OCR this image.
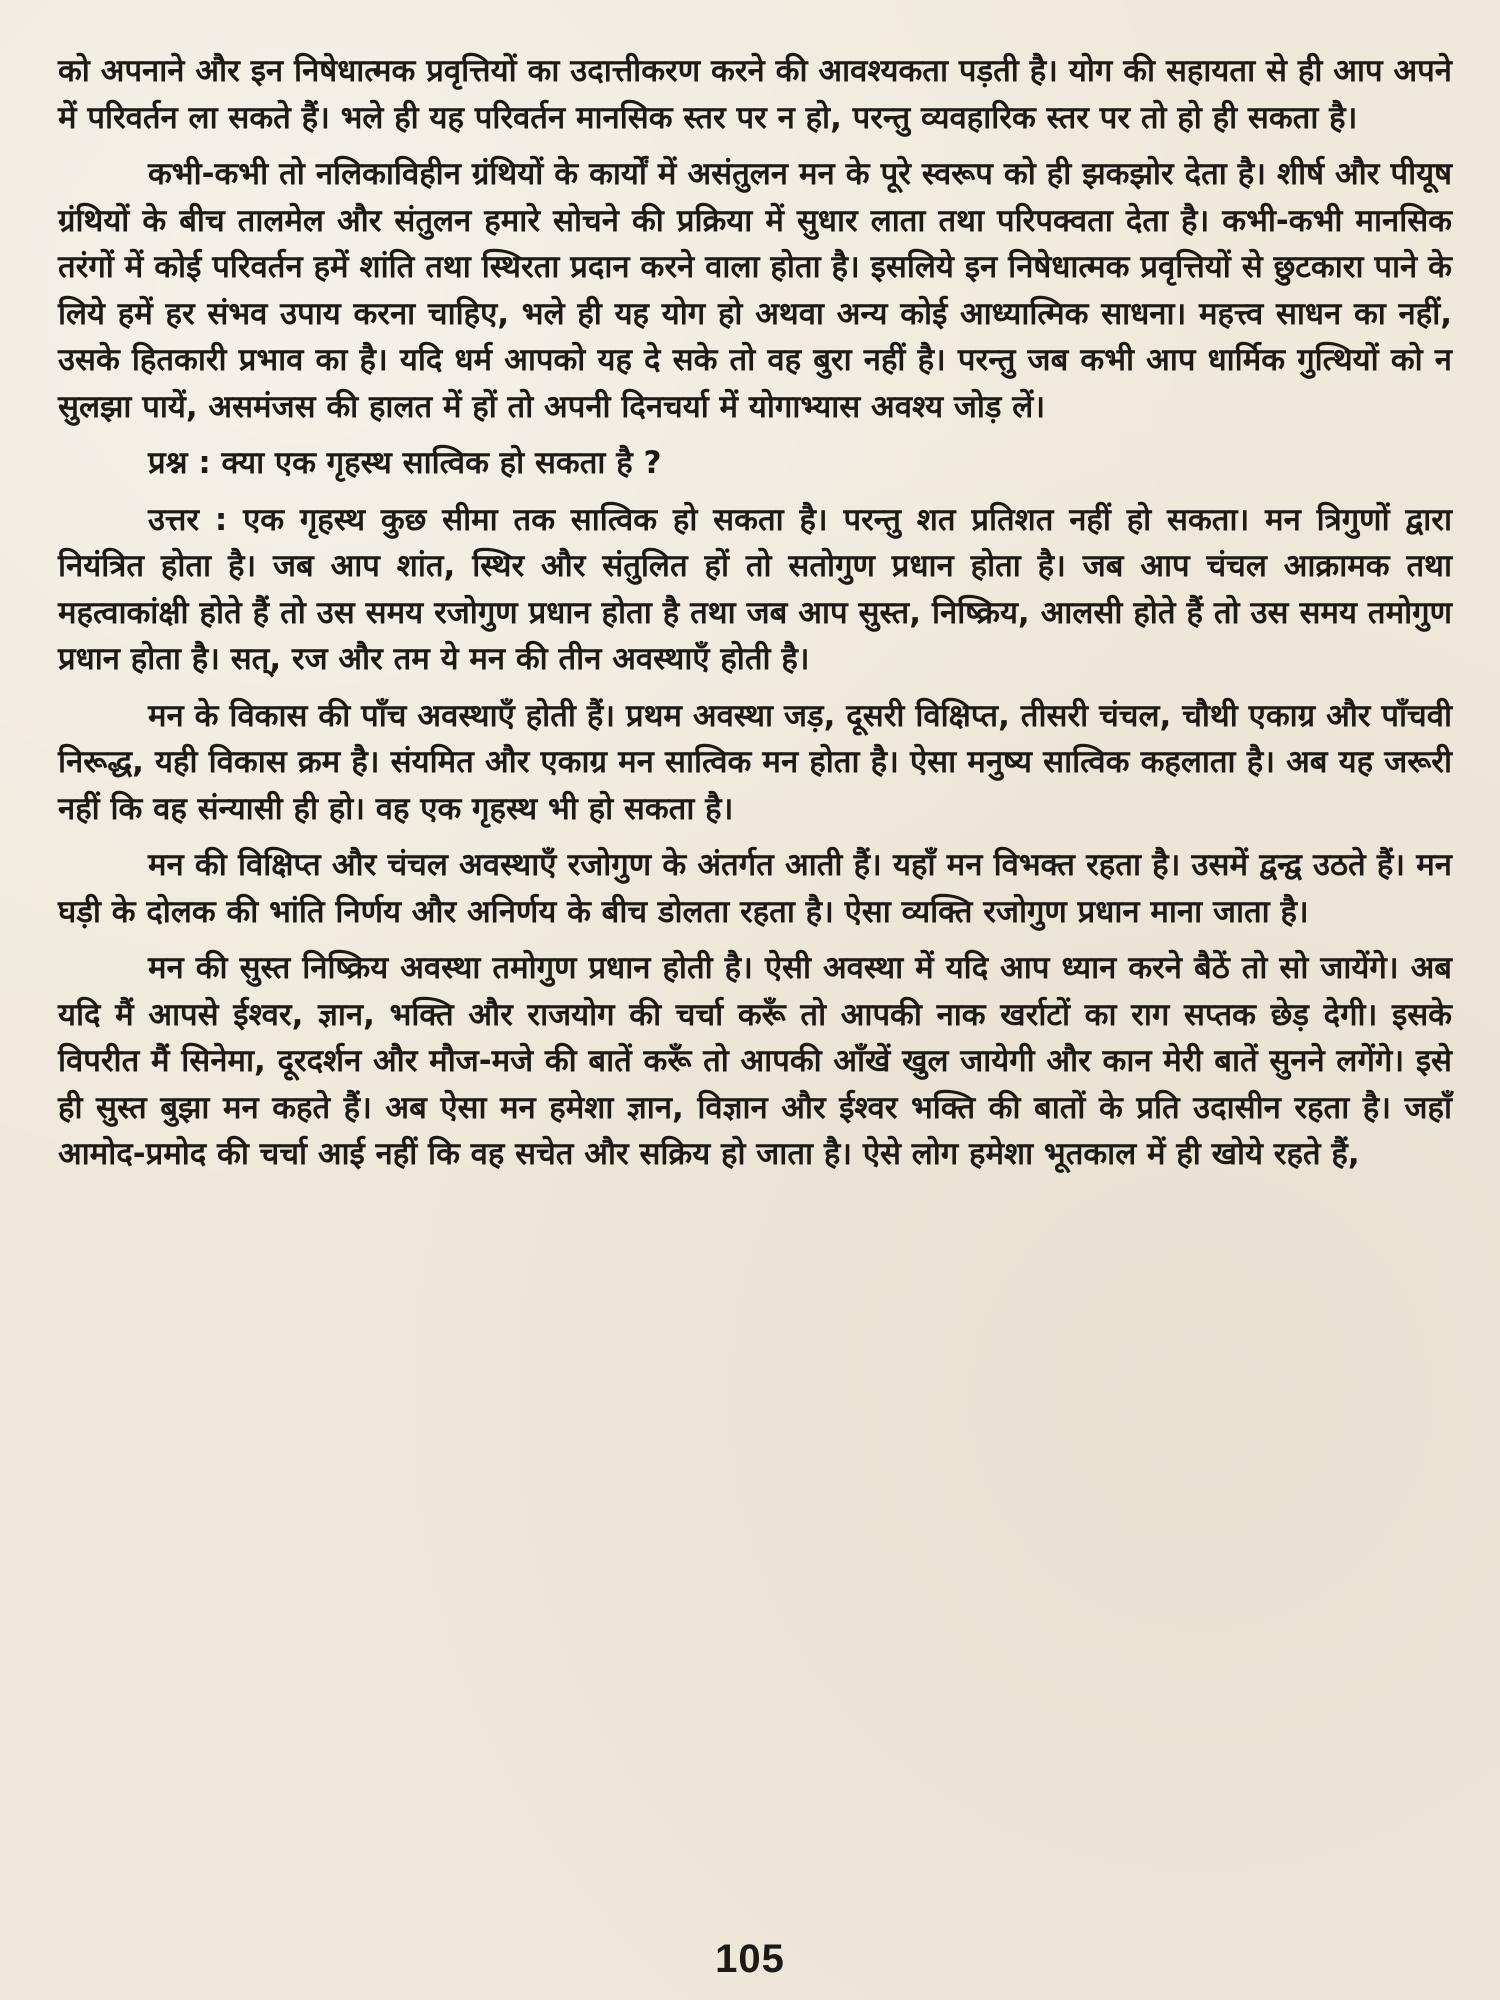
को अपनाने और इन निषेधात्मक प्रवृत्तियों का उदात्तीकरण करने की आवश्यकता पड़ती है। योग की सहायता से ही आप अपने में परिवर्तन ला सकते हैं। भले ही यह परिवर्तन मानसिक स्तर पर न हो, परन्तु व्यवहारिक स्तर पर तो हो ही सकता है।

कभी-कभी तो नलिकाविहीन ग्रंथियों के कार्यों में असंतुलन मन के पूरे स्वरूप को ही झकझोर देता है। शीर्ष और पीयूष ग्रंथियों के बीच तालमेल और संतुलन हमारे सोचने की प्रक्रिया में सुधार लाता तथा परिपक्वता देता है। कभी-कभी मानसिक तरंगों में कोई परिवर्तन हमें शांति तथा स्थिरता प्रदान करने वाला होता है। इसलिये इन निषेधात्मक प्रवृत्तियों से छुटकारा पाने के लिये हमें हर संभव उपाय करना चाहिए, भले ही यह योग हो अथवा अन्य कोई आध्यात्मिक साधना। महत्त्व साधन का नहीं, उसके हितकारी प्रभाव का है। यदि धर्म आपको यह दे सके तो वह बुरा नहीं है। परन्तु जब कभी आप धार्मिक गुत्थियों को न सुलझा पायें, असमंजस की हालत में हों तो अपनी दिनचर्या में योगाभ्यास अवश्य जोड़ लें।

प्रश्न : क्या एक गृहस्थ सात्विक हो सकता है ?

उत्तर : एक गृहस्थ कुछ सीमा तक सात्विक हो सकता है। परन्तु शत प्रतिशत नहीं हो सकता। मन त्रिगुणों द्वारा नियंत्रित होता है। जब आप शांत, स्थिर और संतुलित हों तो सतोगुण प्रधान होता है। जब आप चंचल आक्रामक तथा महत्वाकांक्षी होते हैं तो उस समय रजोगुण प्रधान होता है तथा जब आप सुस्त, निष्क्रिय, आलसी होते हैं तो उस समय तमोगुण प्रधान होता है। सत्, रज और तम ये मन की तीन अवस्थाएँ होती है।

मन के विकास की पाँच अवस्थाएँ होती हैं। प्रथम अवस्था जड़, दूसरी विक्षिप्त, तीसरी चंचल, चौथी एकाग्र और पाँचवी निरूद्ध, यही विकास क्रम है। संयमित और एकाग्र मन सात्विक मन होता है। ऐसा मनुष्य सात्विक कहलाता है। अब यह जरूरी नहीं कि वह संन्यासी ही हो। वह एक गृहस्थ भी हो सकता है।

मन की विक्षिप्त और चंचल अवस्थाएँ रजोगुण के अंतर्गत आती हैं। यहाँ मन विभक्त रहता है। उसमें द्वन्द्व उठते हैं। मन घड़ी के दोलक की भांति निर्णय और अनिर्णय के बीच डोलता रहता है। ऐसा व्यक्ति रजोगुण प्रधान माना जाता है।

मन की सुस्त निष्क्रिय अवस्था तमोगुण प्रधान होती है। ऐसी अवस्था में यदि आप ध्यान करने बैठें तो सो जायेंगे। अब यदि मैं आपसे ईश्वर, ज्ञान, भक्ति और राजयोग की चर्चा करूँ तो आपकी नाक खर्राटों का राग सप्तक छेड़ देगी। इसके विपरीत मैं सिनेमा, दूरदर्शन और मौज-मजे की बातें करूँ तो आपकी आँखें खुल जायेगी और कान मेरी बातें सुनने लगेंगे। इसे ही सुस्त बुझा मन कहते हैं। अब ऐसा मन हमेशा ज्ञान, विज्ञान और ईश्वर भक्ति की बातों के प्रति उदासीन रहता है। जहाँ आमोद-प्रमोद की चर्चा आई नहीं कि वह सचेत और सक्रिय हो जाता है। ऐसे लोग हमेशा भूतकाल में ही खोये रहते हैं,

105
